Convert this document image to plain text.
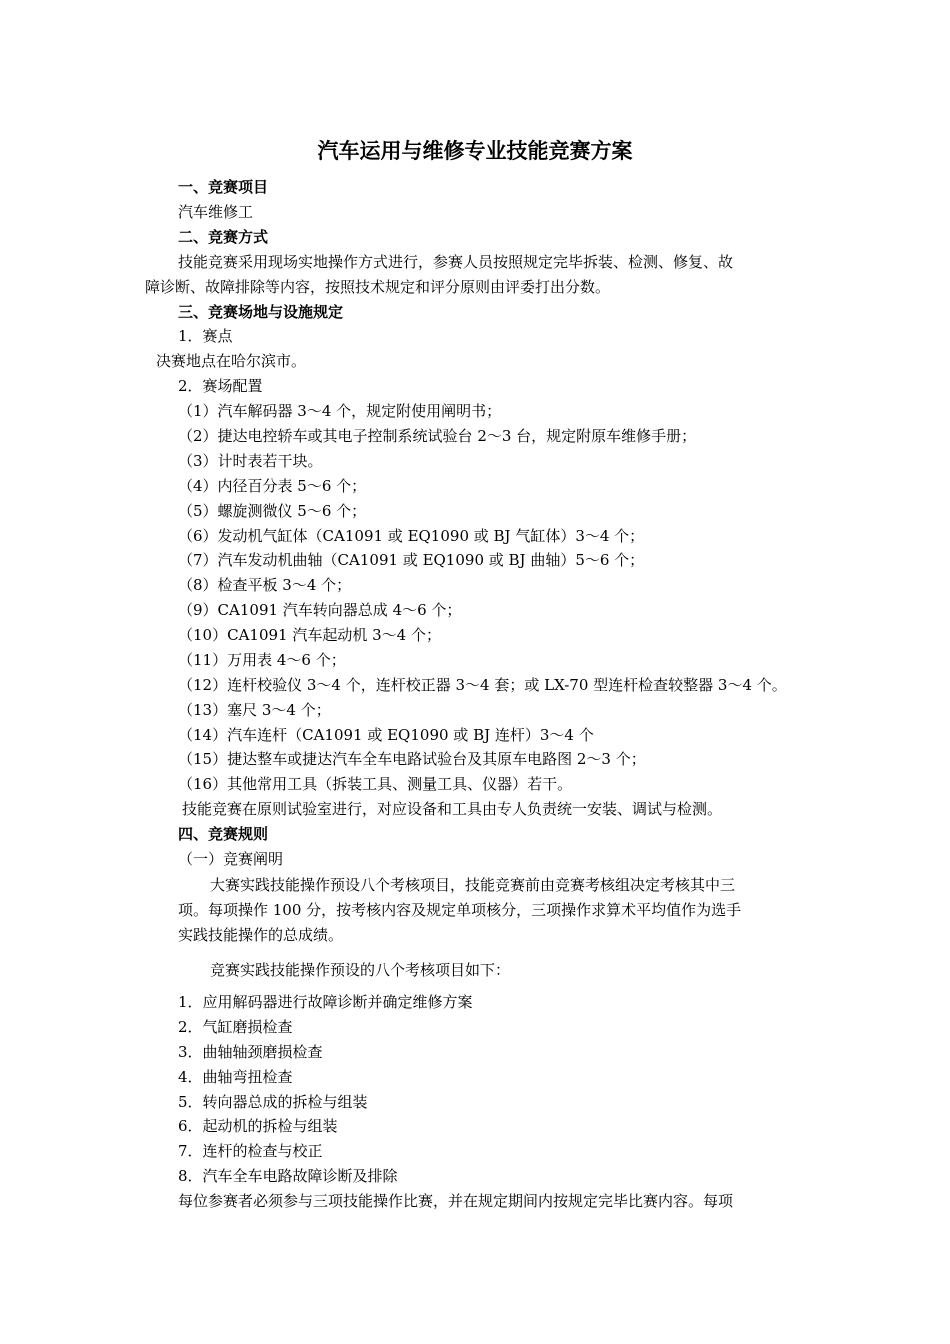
汽车运用与维修专业技能竞赛方案
一、竞赛项目
汽车维修工
二、竞赛方式
技能竞赛采用现场实地操作方式进行，参赛人员按照规定完毕拆装、检测、修复、故
障诊断、故障排除等内容，按照技术规定和评分原则由评委打出分数。
三、竞赛场地与设施规定
1．赛点
决赛地点在哈尔滨市。
2．赛场配置
（1）汽车解码器 3～4 个，规定附使用阐明书；
（2）捷达电控轿车或其电子控制系统试验台 2～3 台，规定附原车维修手册；
（3）计时表若干块。
（4）内径百分表 5～6 个；
（5）螺旋测微仪 5～6 个；
（6）发动机气缸体（CA1091 或 EQ1090 或 BJ 气缸体）3～4 个；
（7）汽车发动机曲轴（CA1091 或 EQ1090 或 BJ 曲轴）5～6 个；
（8）检查平板 3～4 个；
（9）CA1091 汽车转向器总成 4～6 个；
（10）CA1091 汽车起动机 3～4 个；
（11）万用表 4～6 个；
（12）连杆校验仪 3～4 个，连杆校正器 3～4 套；或 LX-70 型连杆检查较整器 3～4 个。
（13）塞尺 3～4 个；
（14）汽车连杆（CA1091 或 EQ1090 或 BJ 连杆）3～4 个
（15）捷达整车或捷达汽车全车电路试验台及其原车电路图 2～3 个；
（16）其他常用工具（拆装工具、测量工具、仪器）若干。
技能竞赛在原则试验室进行，对应设备和工具由专人负责统一安装、调试与检测。
四、竞赛规则
（一）竞赛阐明
大赛实践技能操作预设八个考核项目，技能竞赛前由竞赛考核组决定考核其中三
项。每项操作 100 分，按考核内容及规定单项核分，三项操作求算术平均值作为选手
实践技能操作的总成绩。
竞赛实践技能操作预设的八个考核项目如下：
1．应用解码器进行故障诊断并确定维修方案
2．气缸磨损检查
3．曲轴轴颈磨损检查
4．曲轴弯扭检查
5．转向器总成的拆检与组装
6．起动机的拆检与组装
7．连杆的检查与校正
8．汽车全车电路故障诊断及排除
每位参赛者必须参与三项技能操作比赛，并在规定期间内按规定完毕比赛内容。每项
